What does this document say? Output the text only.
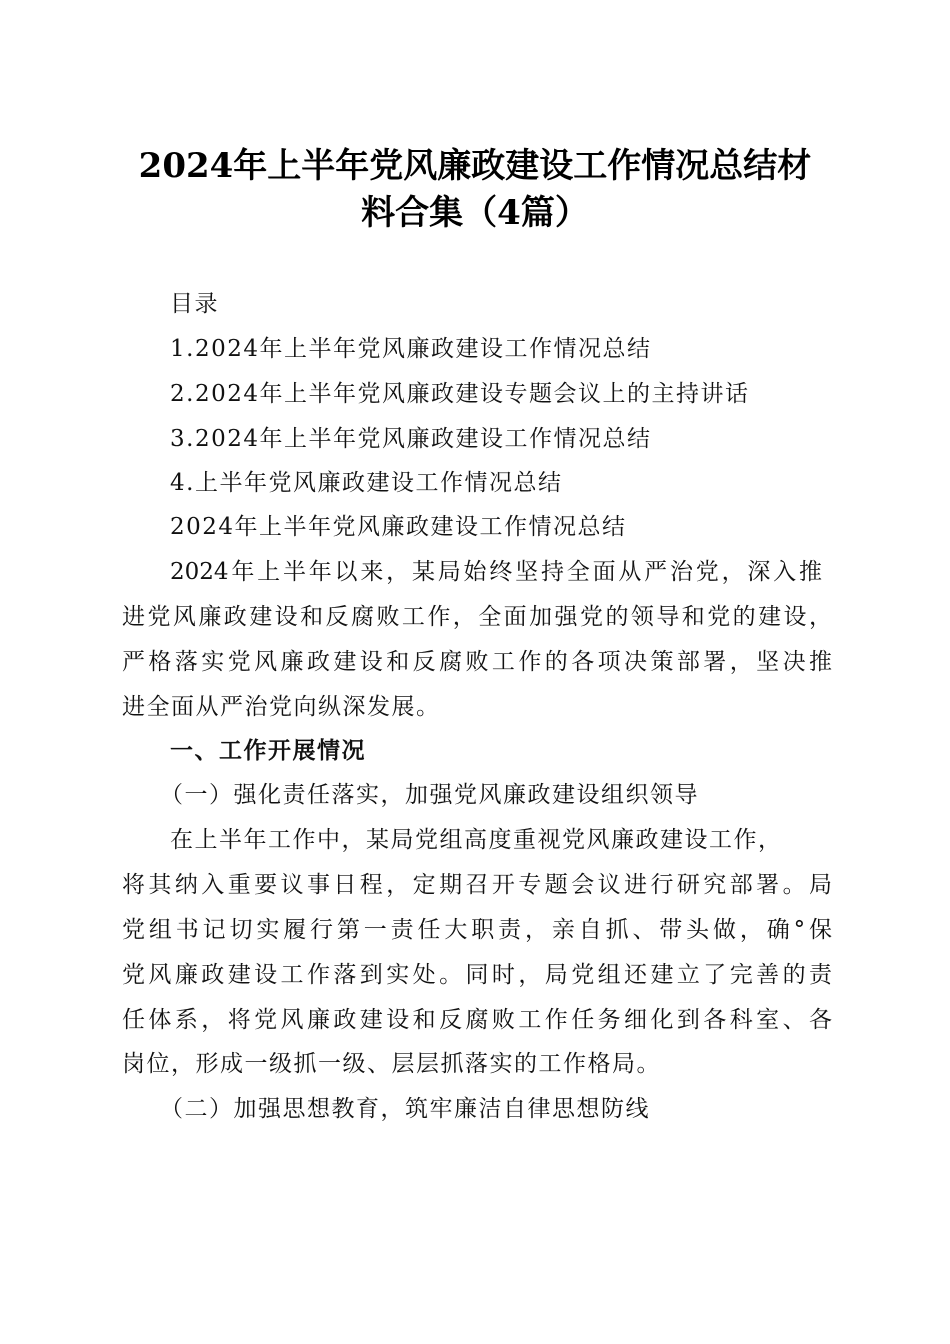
2024年上半年党风廉政建设工作情况总结材
料合集（4篇）
目录
1.2024年上半年党风廉政建设工作情况总结
2.2024年上半年党风廉政建设专题会议上的主持讲话
3.2024年上半年党风廉政建设工作情况总结
4.上半年党风廉政建设工作情况总结
2024年上半年党风廉政建设工作情况总结
2024年上半年以来，某局始终坚持全面从严治党，深入推
进党风廉政建设和反腐败工作，全面加强党的领导和党的建设，
严格落实党风廉政建设和反腐败工作的各项决策部署，坚决推
进全面从严治党向纵深发展。
一、工作开展情况
（一）强化责任落实，加强党风廉政建设组织领导
在上半年工作中，某局党组高度重视党风廉政建设工作，
将其纳入重要议事日程，定期召开专题会议进行研究部署。局
党组书记切实履行第一责任大职责，亲自抓、带头做，确°保
党风廉政建设工作落到实处。同时，局党组还建立了完善的责
任体系，将党风廉政建设和反腐败工作任务细化到各科室、各
岗位，形成一级抓一级、层层抓落实的工作格局。
（二）加强思想教育，筑牢廉洁自律思想防线
